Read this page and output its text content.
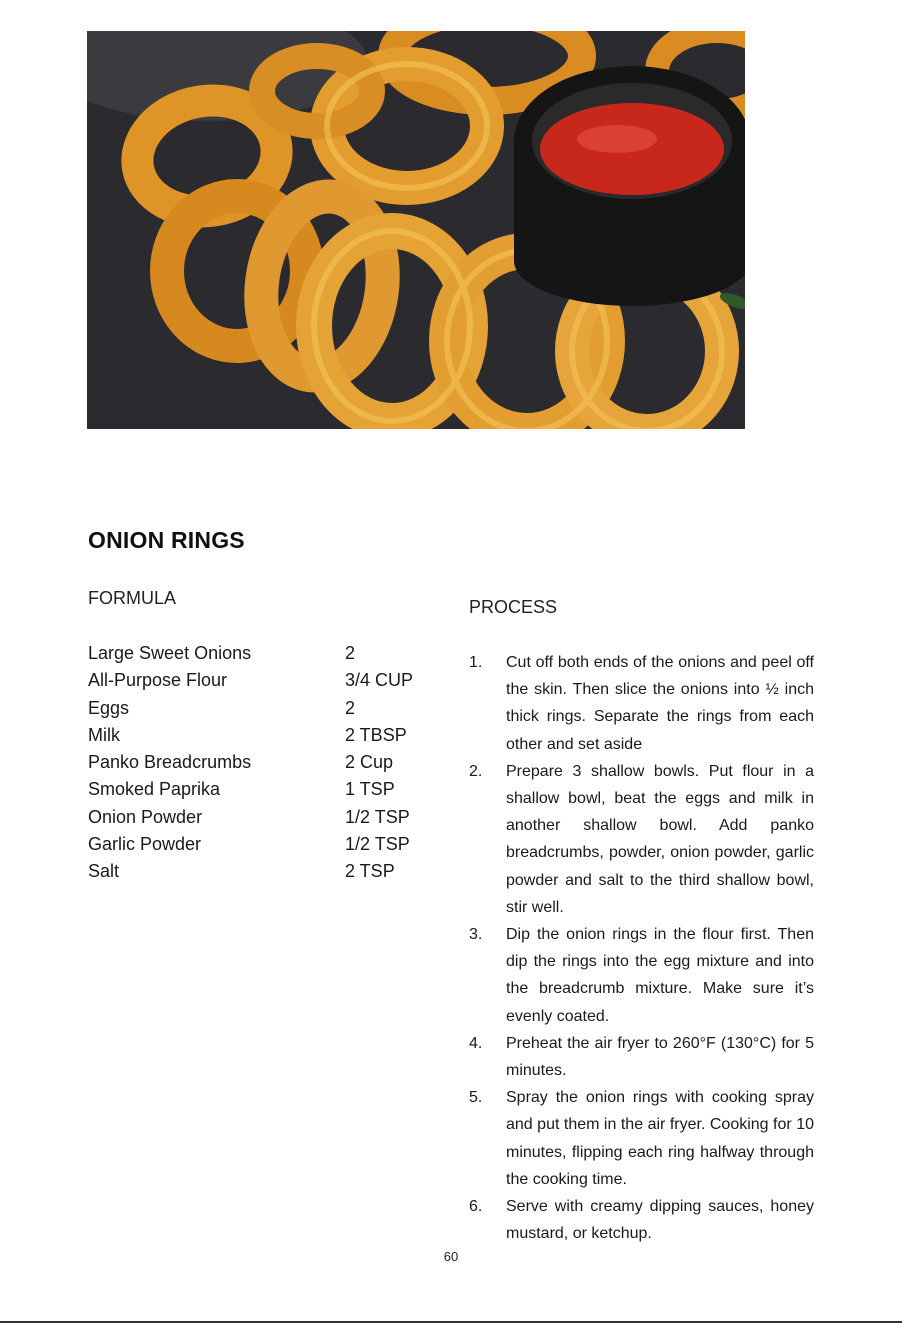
ONION RINGS
FORMULA	PROCESS
Large Sweet Onions	2
All-Purpose Flour	3/4 CUP
Eggs	2
Milk	2 TBSP
Panko Breadcrumbs	2 Cup
Smoked Paprika	1 TSP
Onion Powder	1/2 TSP
Garlic Powder	1/2 TSP
Salt	2 TSP
1. Cut off both ends of the onions and peel off the skin. Then slice the onions into ½ inch thick rings. Separate the rings from each other and set aside
2. Prepare 3 shallow bowls. Put flour in a shallow bowl, beat the eggs and milk in another shallow bowl. Add panko breadcrumbs, powder, onion powder, garlic powder and salt to the third shallow bowl, stir well.
3. Dip the onion rings in the flour first. Then dip the rings into the egg mixture and into the breadcrumb mixture. Make sure it’s evenly coated.
4. Preheat the air fryer to 260°F (130°C) for 5 minutes.
5. Spray the onion rings with cooking spray and put them in the air fryer. Cooking for 10 minutes, flipping each ring halfway through the cooking time.
6. Serve with creamy dipping sauces, honey mustard, or ketchup.
60
